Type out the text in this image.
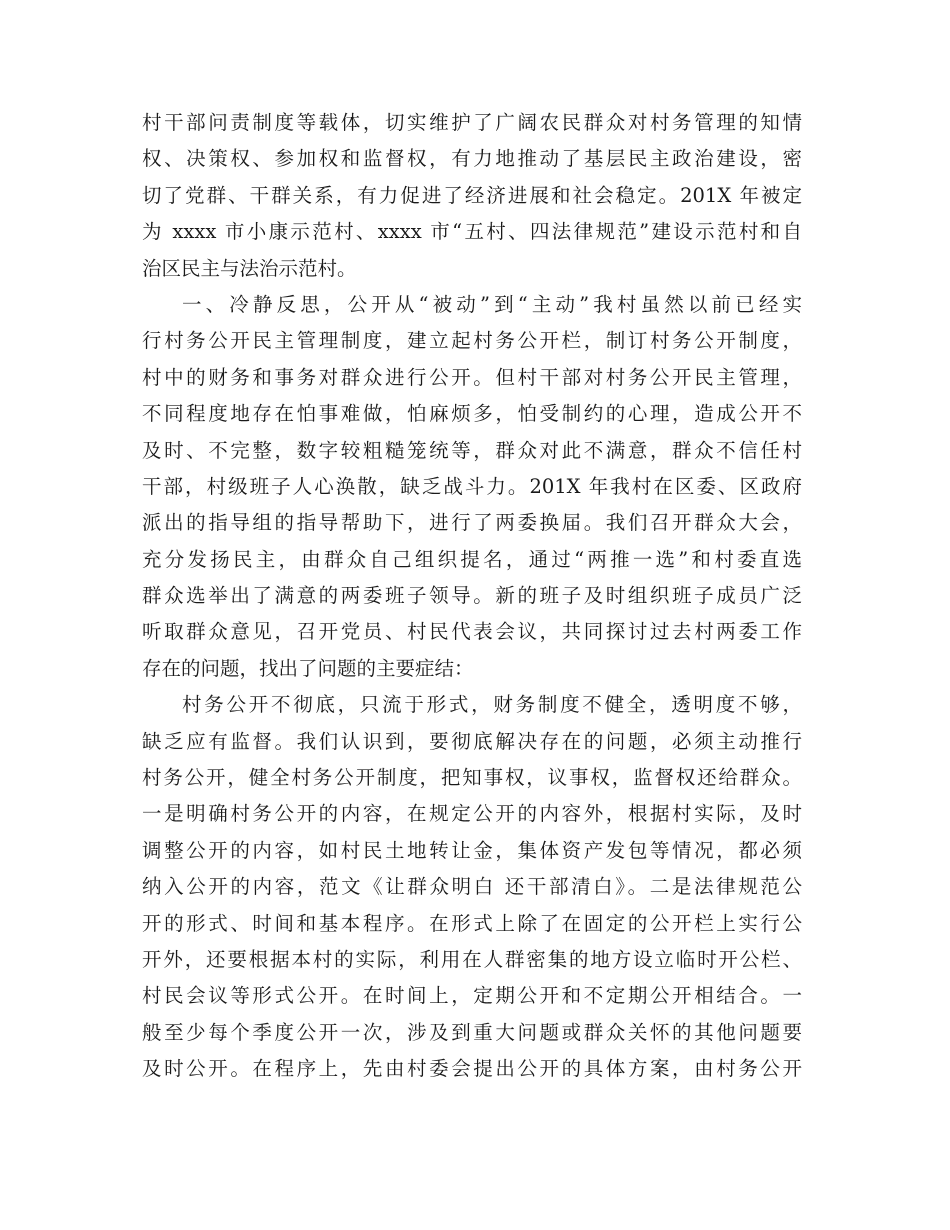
村干部问责制度等载体，切实维护了广阔农民群众对村务管理的知情
权、决策权、参加权和监督权，有力地推动了基层民主政治建设，密
切了党群、干群关系，有力促进了经济进展和社会稳定。201X 年被定
为 xxxx 市小康示范村、xxxx 市“五村、四法律规范”建设示范村和自
治区民主与法治示范村。
一、冷静反思，公开从“被动”到“主动”我村虽然以前已经实
行村务公开民主管理制度，建立起村务公开栏，制订村务公开制度，
村中的财务和事务对群众进行公开。但村干部对村务公开民主管理，
不同程度地存在怕事难做，怕麻烦多，怕受制约的心理，造成公开不
及时、不完整，数字较粗糙笼统等，群众对此不满意，群众不信任村
干部，村级班子人心涣散，缺乏战斗力。201X 年我村在区委、区政府
派出的指导组的指导帮助下，进行了两委换届。我们召开群众大会，
充分发扬民主，由群众自己组织提名，通过“两推一选”和村委直选
群众选举出了满意的两委班子领导。新的班子及时组织班子成员广泛
听取群众意见，召开党员、村民代表会议，共同探讨过去村两委工作
存在的问题，找出了问题的主要症结：
村务公开不彻底，只流于形式，财务制度不健全，透明度不够，
缺乏应有监督。我们认识到，要彻底解决存在的问题，必须主动推行
村务公开，健全村务公开制度，把知事权，议事权，监督权还给群众。
一是明确村务公开的内容，在规定公开的内容外，根据村实际，及时
调整公开的内容，如村民土地转让金，集体资产发包等情况，都必须
纳入公开的内容，范文《让群众明白 还干部清白》。二是法律规范公
开的形式、时间和基本程序。在形式上除了在固定的公开栏上实行公
开外，还要根据本村的实际，利用在人群密集的地方设立临时开公栏、
村民会议等形式公开。在时间上，定期公开和不定期公开相结合。一
般至少每个季度公开一次，涉及到重大问题或群众关怀的其他问题要
及时公开。在程序上，先由村委会提出公开的具体方案，由村务公开
